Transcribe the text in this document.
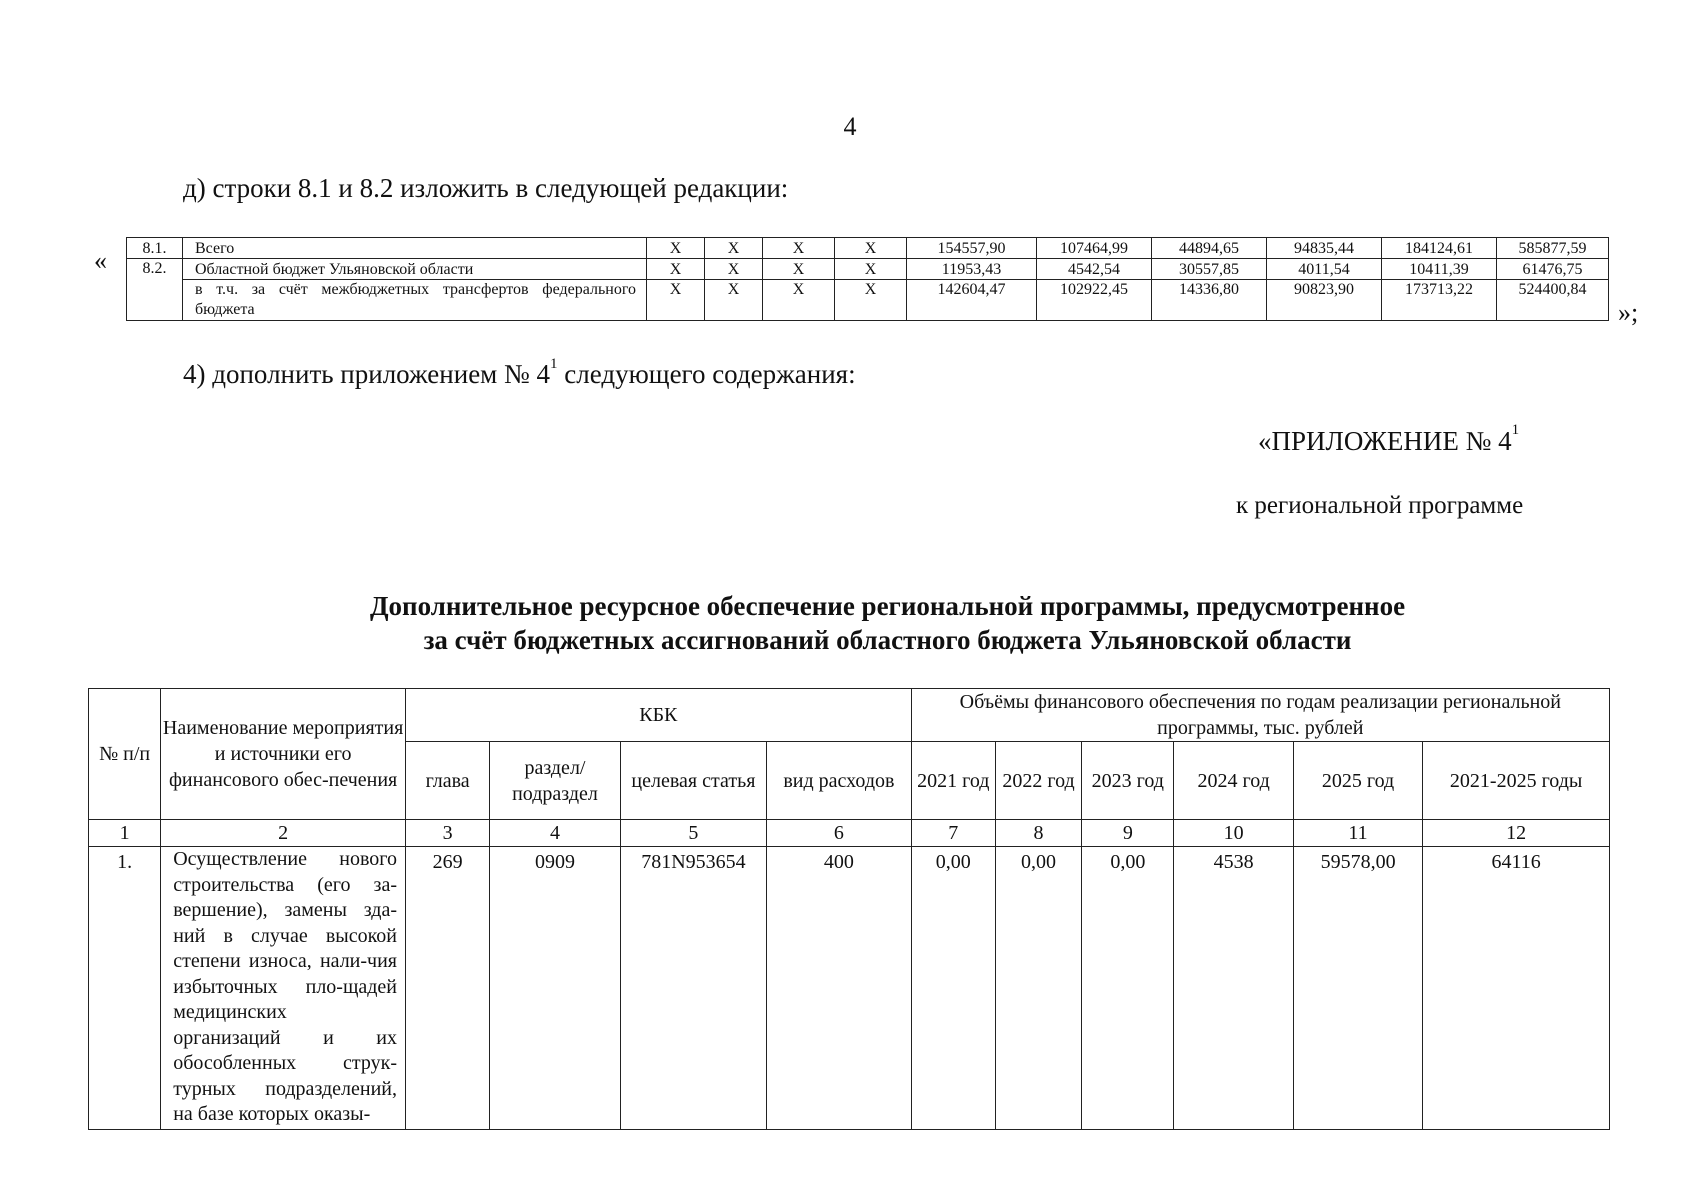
4
д) строки 8.1 и 8.2 изложить в следующей редакции:
« 8.1.	Всего	X	X	X	X	154557,90	107464,99	44894,65	94835,44	184124,61	585877,59
8.2.	Областной бюджет Ульяновской области	X	X	X	X	11953,43	4542,54	30557,85	4011,54	10411,39	61476,75
	в т.ч. за счёт межбюджетных трансфертов федерального бюджета	X	X	X	X	142604,47	102922,45	14336,80	90823,90	173713,22	524400,84
»;
4) дополнить приложением № $4^1$ следующего содержания:
«ПРИЛОЖЕНИЕ № $4^1$
к региональной программе
Дополнительное ресурсное обеспечение региональной программы, предусмотренное
за счёт бюджетных ассигнований областного бюджета Ульяновской области
№ п/п	Наименование мероприятия и источники его финансового обес-печения	КБК				Объёмы финансового обеспечения по годам реализации региональной программы, тыс. рублей					
		глава	раздел/ подраздел	целевая статья	вид расходов	2021 год	2022 год	2023 год	2024 год	2025 год	2021-2025 годы
1	2	3	4	5	6	7	8	9	10	11	12
1.	Осуществление нового строительства (его за-вершение), замены зда-ний в случае высокой степени износа, нали-чия избыточных пло-щадей медицинских организаций и их обособленных струк-турных подразделений, на базе которых оказы-	269	0909	781N953654	400	0,00	0,00	0,00	4538	59578,00	64116
